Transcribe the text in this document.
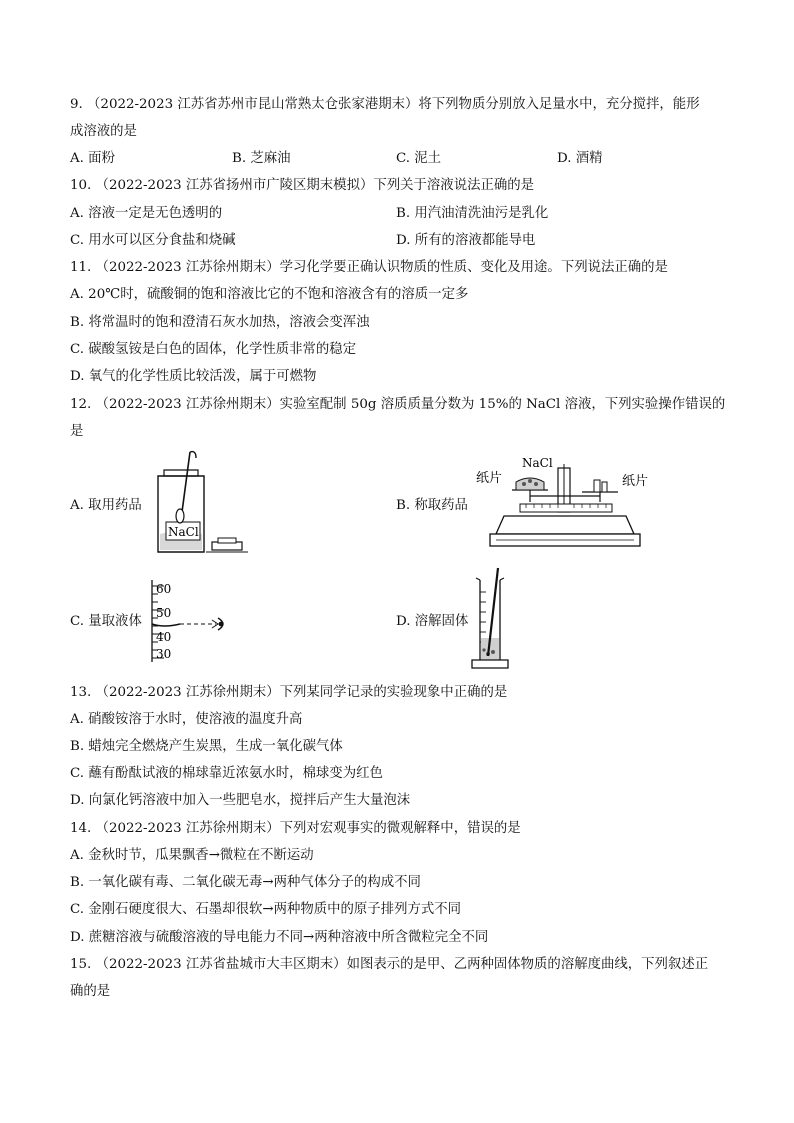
9. （2022-2023 江苏省苏州市昆山常熟太仓张家港期末）将下列物质分别放入足量水中，充分搅拌，能形
成溶液的是
A. 面粉	B. 芝麻油	C. 泥土	D. 酒精
10. （2022-2023 江苏省扬州市广陵区期末模拟）下列关于溶液说法正确的是
A. 溶液一定是无色透明的	B. 用汽油清洗油污是乳化
C. 用水可以区分食盐和烧碱	D. 所有的溶液都能导电
11. （2022-2023 江苏徐州期末）学习化学要正确认识物质的性质、变化及用途。下列说法正确的是
A. 20℃时，硫酸铜的饱和溶液比它的不饱和溶液含有的溶质一定多
B. 将常温时的饱和澄清石灰水加热，溶液会变浑浊
C. 碳酸氢铵是白色的固体，化学性质非常的稳定
D. 氧气的化学性质比较活泼，属于可燃物
12. （2022-2023 江苏徐州期末）实验室配制 50g 溶质质量分数为 15%的 NaCl 溶液，下列实验操作错误的
是
A. 取用药品
NaCl
B. 称取药品
纸片
NaCl
纸片
C. 量取液体
60
50
40
30
D. 溶解固体
13. （2022-2023 江苏徐州期末）下列某同学记录的实验现象中正确的是
A. 硝酸铵溶于水时，使溶液的温度升高
B. 蜡烛完全燃烧产生炭黑，生成一氧化碳气体
C. 蘸有酚酞试液的棉球靠近浓氨水时，棉球变为红色
D. 向氯化钙溶液中加入一些肥皂水，搅拌后产生大量泡沫
14. （2022-2023 江苏徐州期末）下列对宏观事实的微观解释中，错误的是
A. 金秋时节，瓜果飘香→微粒在不断运动
B. 一氧化碳有毒、二氧化碳无毒→两种气体分子的构成不同
C. 金刚石硬度很大、石墨却很软→两种物质中的原子排列方式不同
D. 蔗糖溶液与硫酸溶液的导电能力不同→两种溶液中所含微粒完全不同
15. （2022-2023 江苏省盐城市大丰区期末）如图表示的是甲、乙两种固体物质的溶解度曲线，下列叙述正
确的是
